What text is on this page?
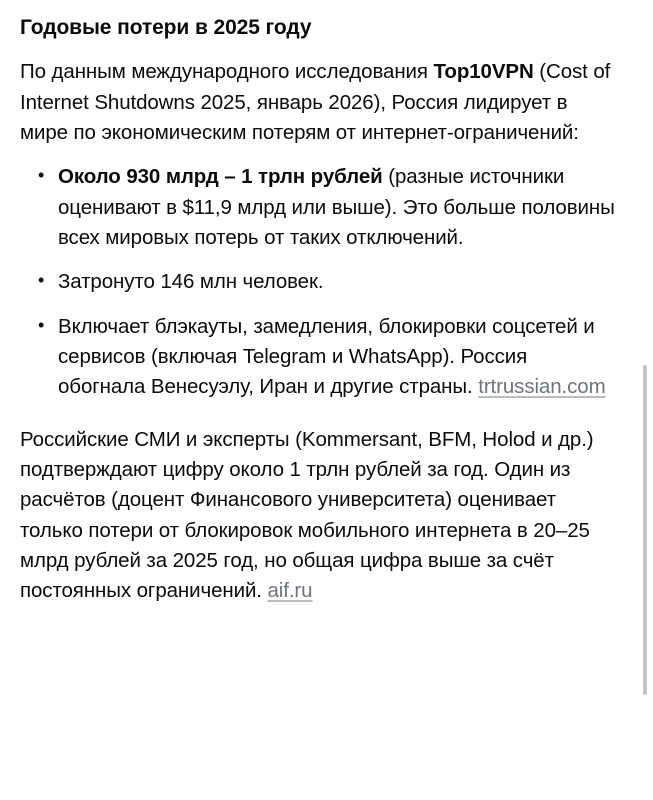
Годовые потери в 2025 году

По данным международного исследования Top10VPN (Cost of Internet Shutdowns 2025, январь 2026), Россия лидирует в мире по экономическим потерям от интернет-ограничений:

• Около 930 млрд – 1 трлн рублей (разные источники оценивают в $11,9 млрд или выше). Это больше половины всех мировых потерь от таких отключений.
• Затронуто 146 млн человек.
• Включает блэкауты, замедления, блокировки соцсетей и сервисов (включая Telegram и WhatsApp). Россия обогнала Венесуэлу, Иран и другие страны. trtrussian.com

Российские СМИ и эксперты (Kommersant, BFM, Holod и др.) подтверждают цифру около 1 трлн рублей за год. Один из расчётов (доцент Финансового университета) оценивает только потери от блокировок мобильного интернета в 20–25 млрд рублей за 2025 год, но общая цифра выше за счёт постоянных ограничений. aif.ru
